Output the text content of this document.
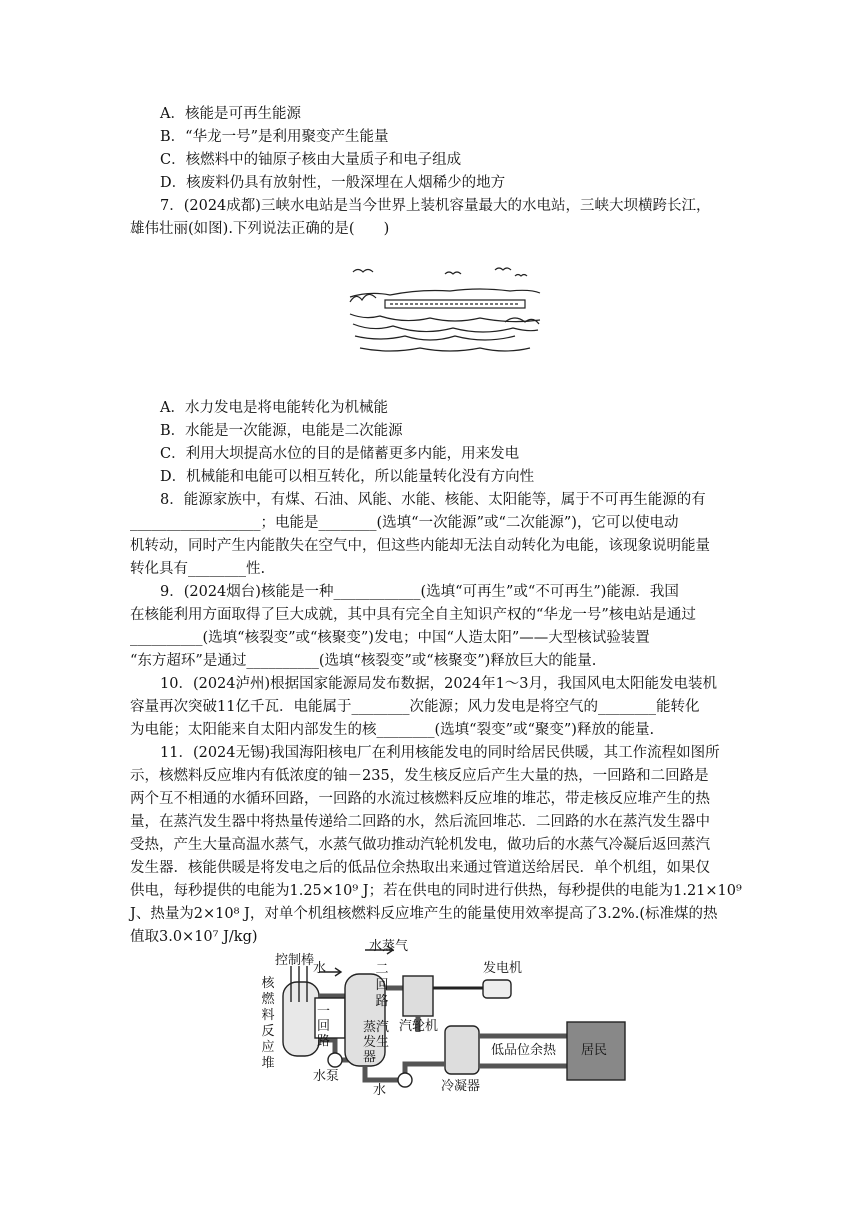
A．核能是可再生能源
B．“华龙一号”是利用聚变产生能量
C．核燃料中的铀原子核由大量质子和电子组成
D．核废料仍具有放射性，一般深埋在人烟稀少的地方
7．(2024成都)三峡水电站是当今世界上装机容量最大的水电站，三峡大坝横跨长江，
雄伟壮丽(如图).下列说法正确的是(　　)
A．水力发电是将电能转化为机械能
B．水能是一次能源，电能是二次能源
C．利用大坝提高水位的目的是储蓄更多内能，用来发电
D．机械能和电能可以相互转化，所以能量转化没有方向性
8．能源家族中，有煤、石油、风能、水能、核能、太阳能等，属于不可再生能源的有
__________________；电能是________(选填“一次能源”或“二次能源”)，它可以使电动
机转动，同时产生内能散失在空气中，但这些内能却无法自动转化为电能，该现象说明能量
转化具有________性.
9．(2024烟台)核能是一种____________(选填“可再生”或“不可再生”)能源．我国
在核能利用方面取得了巨大成就，其中具有完全自主知识产权的“华龙一号”核电站是通过
__________(选填“核裂变”或“核聚变”)发电；中国“人造太阳”——大型核试验装置
“东方超环”是通过__________(选填“核裂变”或“核聚变”)释放巨大的能量.
10．(2024泸州)根据国家能源局发布数据，2024年1～3月，我国风电太阳能发电装机
容量再次突破11亿千瓦．电能属于________次能源；风力发电是将空气的________能转化
为电能；太阳能来自太阳内部发生的核________(选填“裂变”或“聚变”)释放的能量.
11．(2024无锡)我国海阳核电厂在利用核能发电的同时给居民供暖，其工作流程如图所
示，核燃料反应堆内有低浓度的铀－235，发生核反应后产生大量的热，一回路和二回路是
两个互不相通的水循环回路，一回路的水流过核燃料反应堆的堆芯，带走核反应堆产生的热
量，在蒸汽发生器中将热量传递给二回路的水，然后流回堆芯．二回路的水在蒸汽发生器中
受热，产生大量高温水蒸气，水蒸气做功推动汽轮机发电，做功后的水蒸气冷凝后返回蒸汽
发生器．核能供暖是将发电之后的低品位余热取出来通过管道送给居民．单个机组，如果仅
供电，每秒提供的电能为1.25×10⁹ J；若在供电的同时进行供热，每秒提供的电能为1.21×10⁹
J、热量为2×10⁸ J，对单个机组核燃料反应堆产生的能量使用效率提高了3.2%.(标准煤的热
值取3.0×10⁷ J/kg)
控制棒
核燃料反应堆
水
一回路
水蒸气
二回路
蒸汽发生器
汽轮机
发电机
低品位余热 居民
水泵
水	冷凝器
